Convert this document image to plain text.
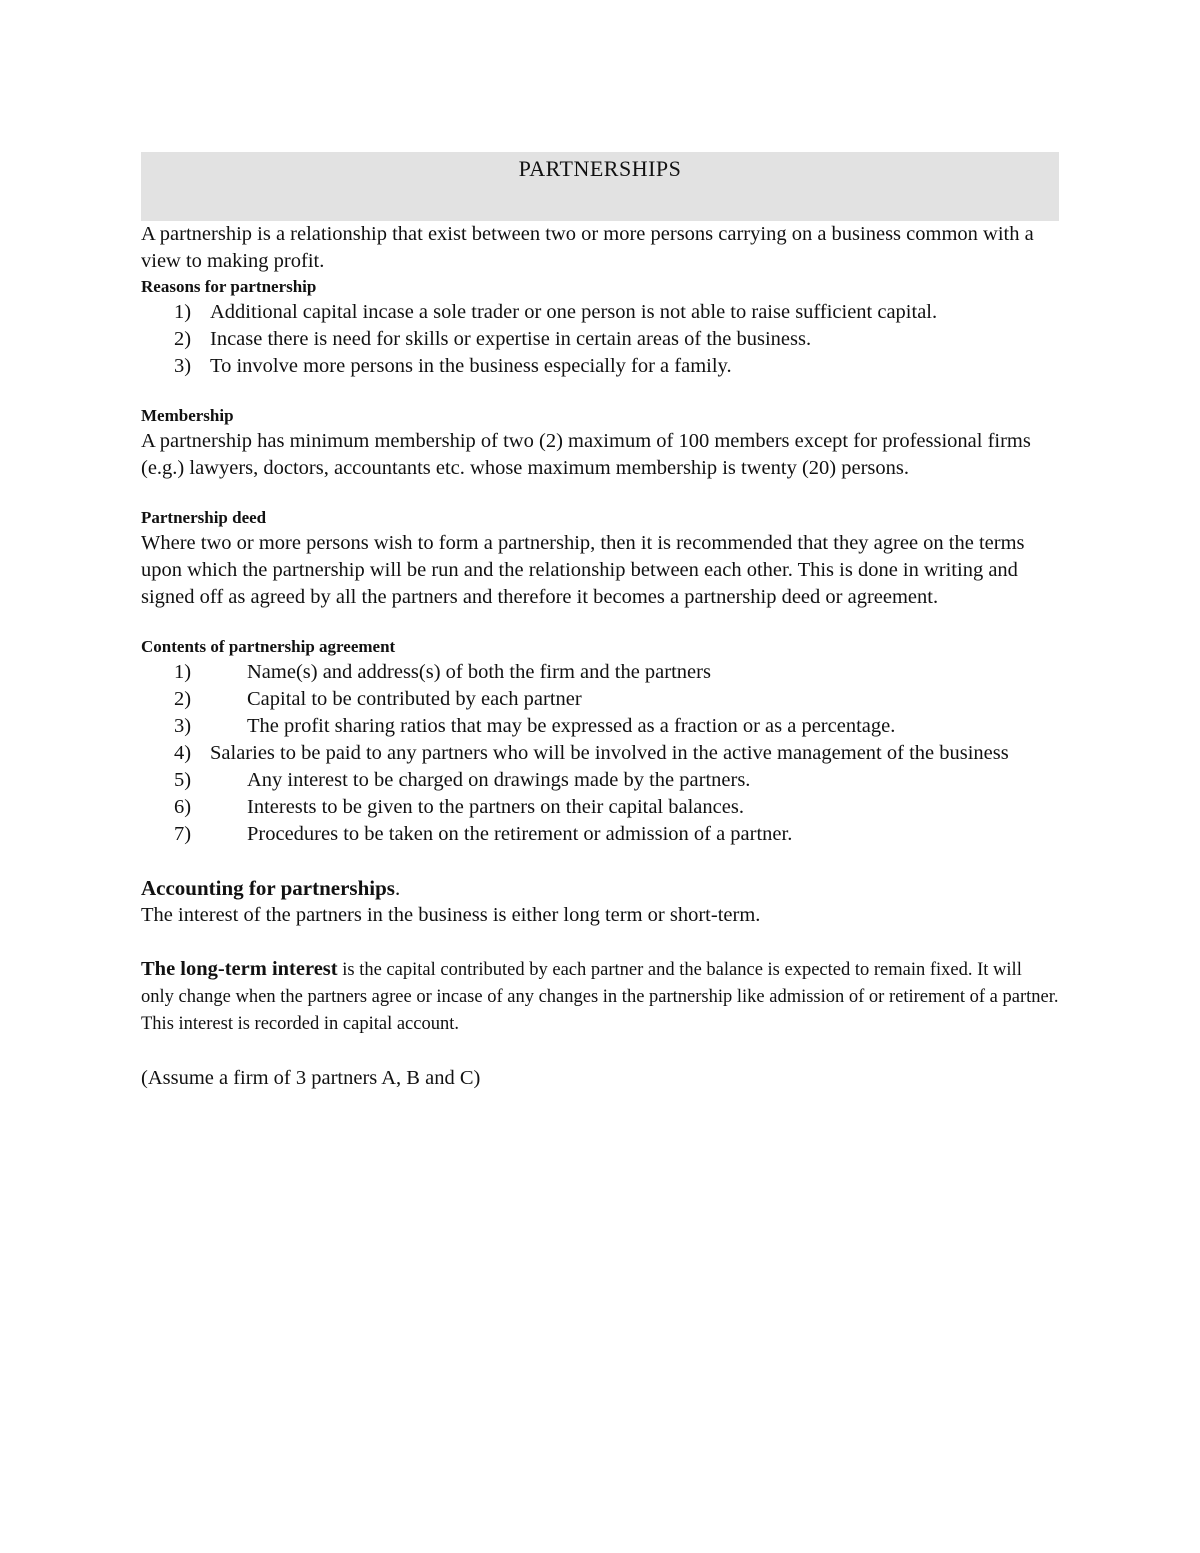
PARTNERSHIPS

A partnership is a relationship that exist between two or more persons carrying on a business common with a view to making profit.

Reasons for partnership

1) Additional capital incase a sole trader or one person is not able to raise sufficient capital.
2) Incase there is need for skills or expertise in certain areas of the business.
3) To involve more persons in the business especially for a family.

Membership

A partnership has minimum membership of two (2) maximum of 100 members except for professional firms (e.g.) lawyers, doctors, accountants etc. whose maximum membership is twenty (20) persons.

Partnership deed

Where two or more persons wish to form a partnership, then it is recommended that they agree on the terms upon which the partnership will be run and the relationship between each other. This is done in writing and signed off as agreed by all the partners and therefore it becomes a partnership deed or agreement.

Contents of partnership agreement

1)	Name(s) and address(s) of both the firm and the partners
2)	Capital to be contributed by each partner
3)	The profit sharing ratios that may be expressed as a fraction or as a percentage.
4) Salaries to be paid to any partners who will be involved in the active management of the business
5)	Any interest to be charged on drawings made by the partners.
6)	Interests to be given to the partners on their capital balances.
7)	Procedures to be taken on the retirement or admission of a partner.

Accounting for partnerships.

The interest of the partners in the business is either long term or short-term.

The long-term interest is the capital contributed by each partner and the balance is expected to remain fixed. It will only change when the partners agree or incase of any changes in the partnership like admission of or retirement of a partner. This interest is recorded in capital account.

(Assume a firm of 3 partners A, B and C)
